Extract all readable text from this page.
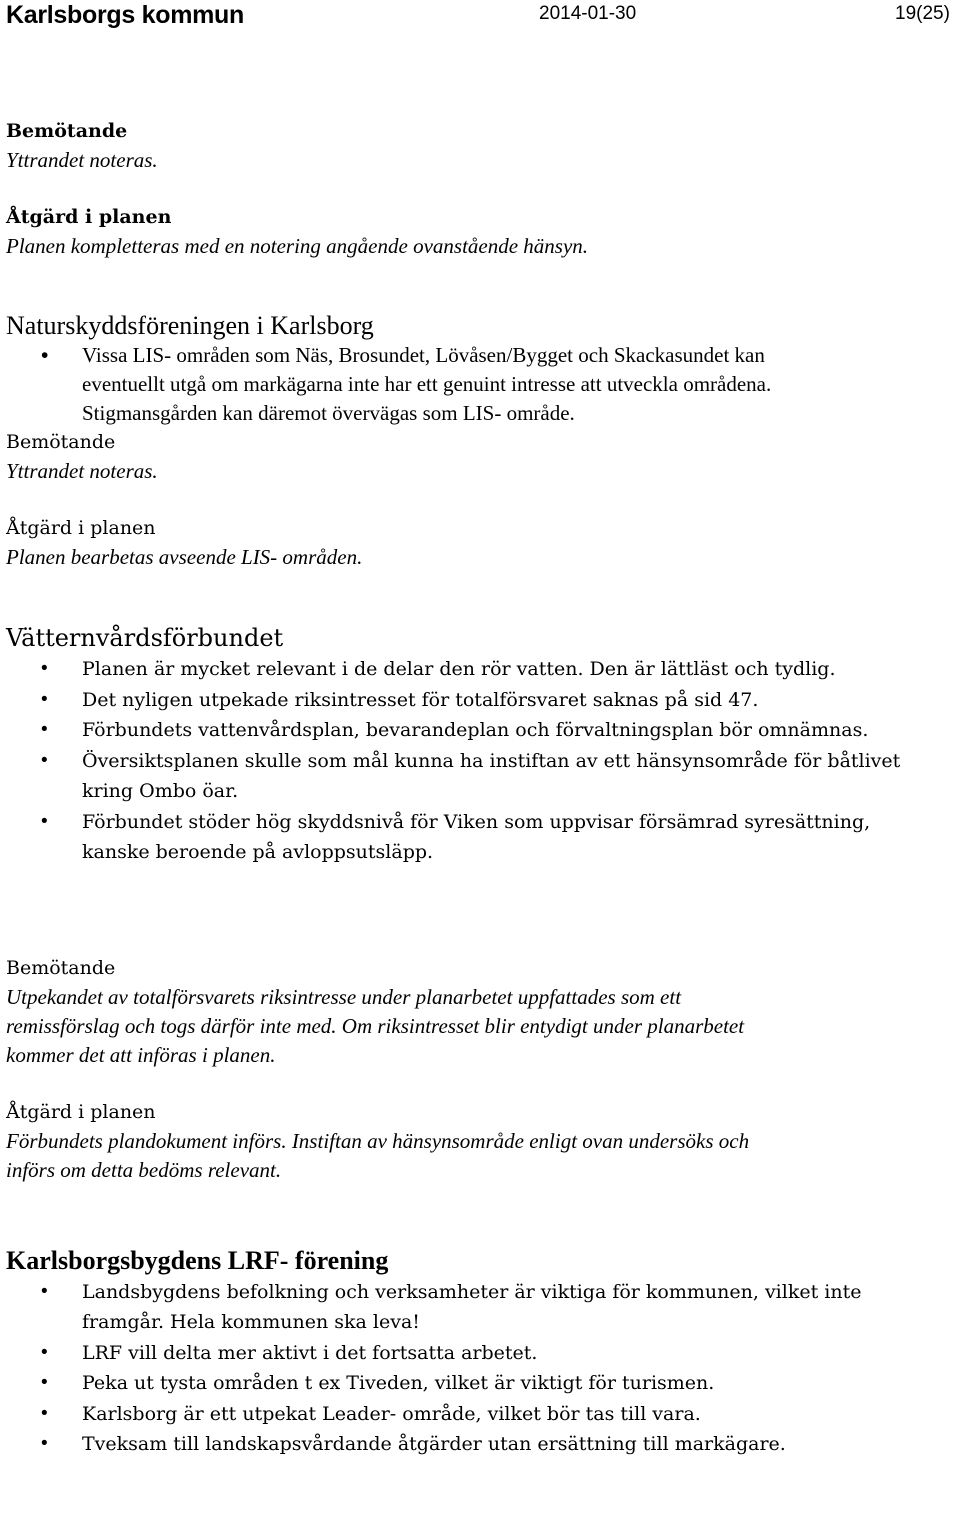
Karlsborgs kommun	2014-01-30	19(25)
Bemötande
Yttrandet noteras.
Åtgärd i planen
Planen kompletteras med en notering angående ovanstående hänsyn.
Naturskyddsföreningen i Karlsborg
• Vissa LIS- områden som Näs, Brosundet, Lövåsen/Bygget och Skackasundet kan
eventuellt utgå om markägarna inte har ett genuint intresse att utveckla områdena.
Stigmansgården kan däremot övervägas som LIS- område.
Bemötande
Yttrandet noteras.
Åtgärd i planen
Planen bearbetas avseende LIS- områden.
Vätternvårdsförbundet
• Planen är mycket relevant i de delar den rör vatten. Den är lättläst och tydlig.
• Det nyligen utpekade riksintresset för totalförsvaret saknas på sid 47.
• Förbundets vattenvårdsplan, bevarandeplan och förvaltningsplan bör omnämnas.
• Översiktsplanen skulle som mål kunna ha instiftan av ett hänsynsområde för båtlivet
kring Ombo öar.
• Förbundet stöder hög skyddsnivå för Viken som uppvisar försämrad syresättning,
kanske beroende på avloppsutsläpp.
Bemötande
Utpekandet av totalförsvarets riksintresse under planarbetet uppfattades som ett
remissförslag och togs därför inte med. Om riksintresset blir entydigt under planarbetet
kommer det att införas i planen.
Åtgärd i planen
Förbundets plandokument införs. Instiftan av hänsynsområde enligt ovan undersöks och
införs om detta bedöms relevant.
Karlsborgsbygdens LRF- förening
• Landsbygdens befolkning och verksamheter är viktiga för kommunen, vilket inte
framgår. Hela kommunen ska leva!
• LRF vill delta mer aktivt i det fortsatta arbetet.
• Peka ut tysta områden t ex Tiveden, vilket är viktigt för turismen.
• Karlsborg är ett utpekat Leader- område, vilket bör tas till vara.
• Tveksam till landskapsvårdande åtgärder utan ersättning till markägare.
